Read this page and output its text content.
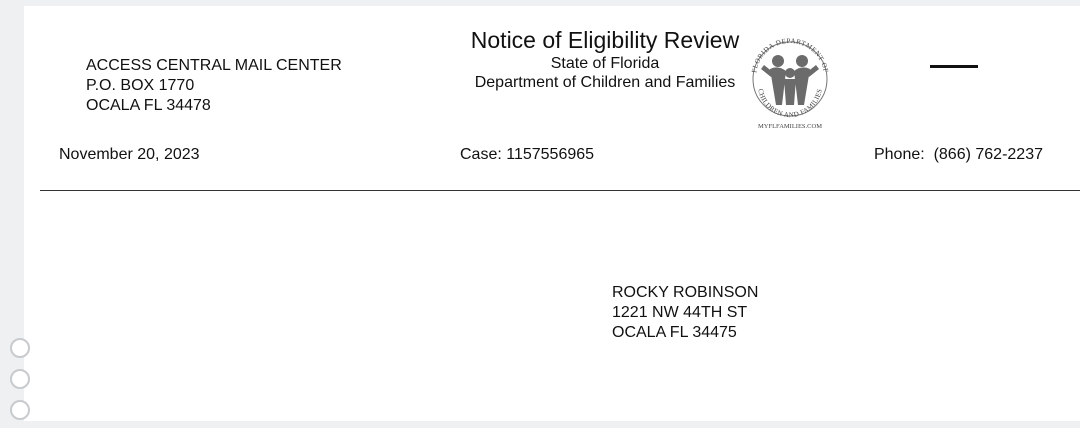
ACCESS CENTRAL MAIL CENTER
P.O. BOX 1770
OCALA FL 34478
Notice of Eligibility Review
State of Florida
Department of Children and Families
FLORIDA DEPARTMENT OF
CHILDREN AND FAMILIES
MYFLFAMILIES.COM
November 20, 2023	Case: 1157556965	Phone: (866) 762-2237
ROCKY ROBINSON
1221 NW 44TH ST
OCALA FL 34475
